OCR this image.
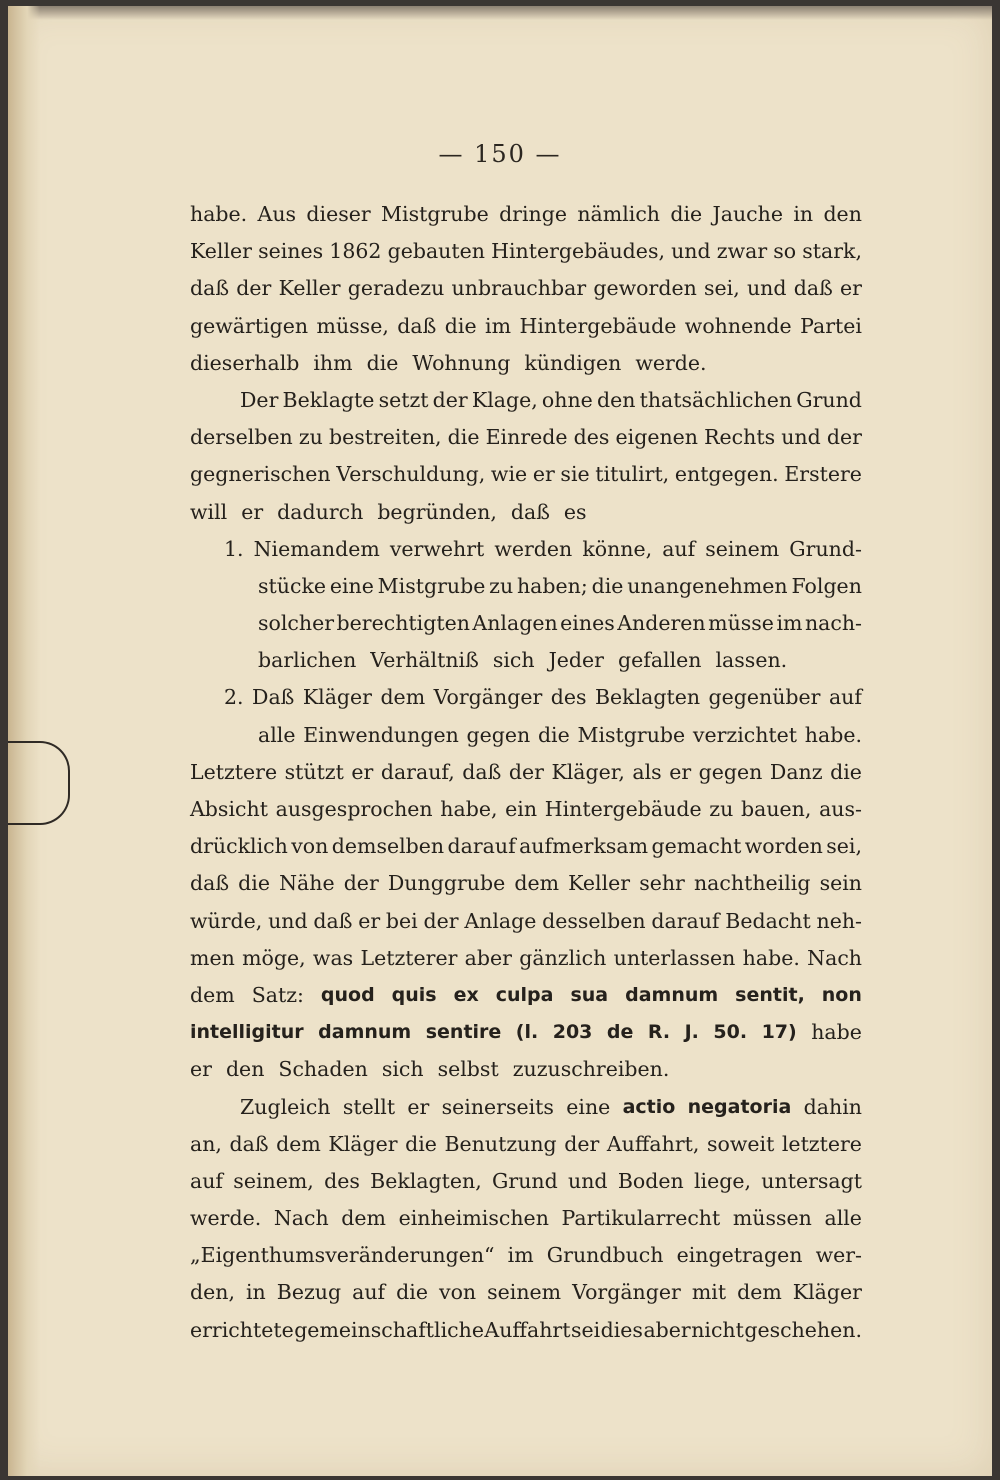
— 150 —
habe. Aus dieser Mistgrube dringe nämlich die Jauche in den
Keller seines 1862 gebauten Hintergebäudes, und zwar so stark,
daß der Keller geradezu unbrauchbar geworden sei, und daß er
gewärtigen müsse, daß die im Hintergebäude wohnende Partei
dieserhalb ihm die Wohnung kündigen werde.
Der Beklagte setzt der Klage, ohne den thatsächlichen Grund
derselben zu bestreiten, die Einrede des eigenen Rechts und der
gegnerischen Verschuldung, wie er sie titulirt, entgegen. Erstere
will er dadurch begründen, daß es
1. Niemandem verwehrt werden könne, auf seinem Grund-
stücke eine Mistgrube zu haben; die unangenehmen Folgen
solcher berechtigten Anlagen eines Anderen müsse im nach-
barlichen Verhältniß sich Jeder gefallen lassen.
2. Daß Kläger dem Vorgänger des Beklagten gegenüber auf
alle Einwendungen gegen die Mistgrube verzichtet habe.
Letztere stützt er darauf, daß der Kläger, als er gegen Danz die
Absicht ausgesprochen habe, ein Hintergebäude zu bauen, aus-
drücklich von demselben darauf aufmerksam gemacht worden sei,
daß die Nähe der Dunggrube dem Keller sehr nachtheilig sein
würde, und daß er bei der Anlage desselben darauf Bedacht neh-
men möge, was Letzterer aber gänzlich unterlassen habe. Nach
dem Satz: quod quis ex culpa sua damnum sentit, non
intelligitur damnum sentire (l. 203 de R. J. 50. 17) habe
er den Schaden sich selbst zuzuschreiben.
Zugleich stellt er seinerseits eine actio negatoria dahin
an, daß dem Kläger die Benutzung der Auffahrt, soweit letztere
auf seinem, des Beklagten, Grund und Boden liege, untersagt
werde. Nach dem einheimischen Partikularrecht müssen alle
„Eigenthumsveränderungen“ im Grundbuch eingetragen wer-
den, in Bezug auf die von seinem Vorgänger mit dem Kläger
errichtete gemeinschaftliche Auffahrt sei dies aber nicht geschehen.
